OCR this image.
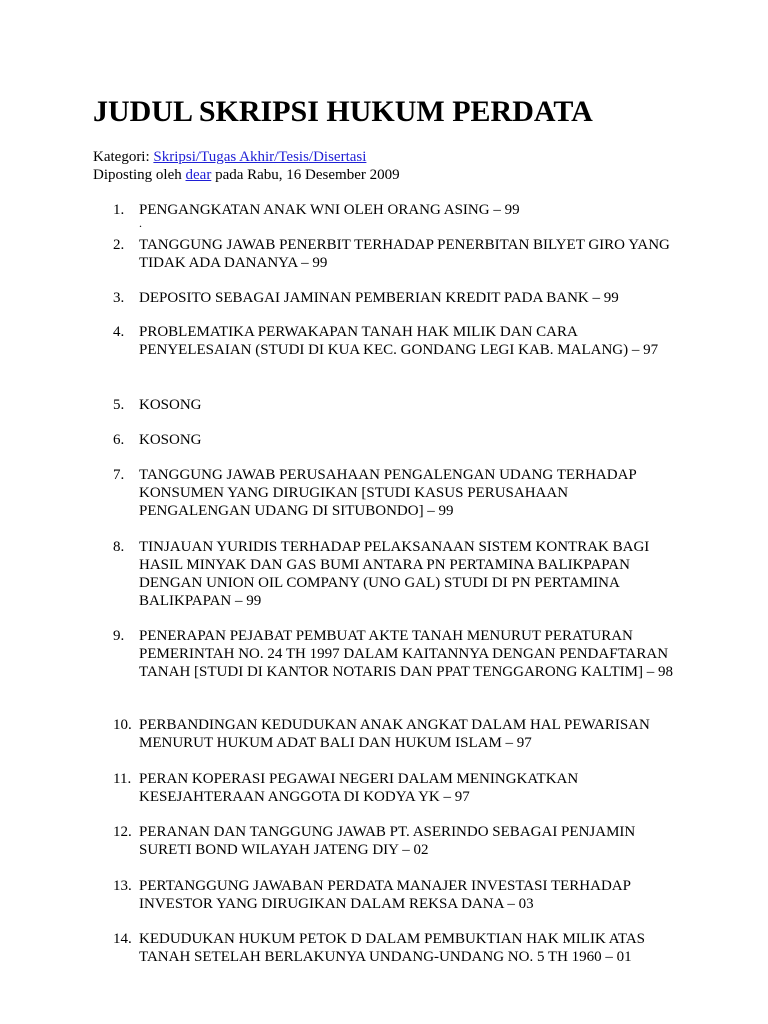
JUDUL SKRIPSI HUKUM PERDATA
Kategori: Skripsi/Tugas Akhir/Tesis/Disertasi
Diposting oleh dear pada Rabu, 16 Desember 2009
1. PENGANGKATAN ANAK WNI OLEH ORANG ASING – 99
.
2. TANGGUNG JAWAB PENERBIT TERHADAP PENERBITAN BILYET GIRO YANG TIDAK ADA DANANYA – 99
3. DEPOSITO SEBAGAI JAMINAN PEMBERIAN KREDIT PADA BANK – 99
4. PROBLEMATIKA PERWAKAPAN TANAH HAK MILIK DAN CARA PENYELESAIAN (STUDI DI KUA KEC. GONDANG LEGI KAB. MALANG) – 97
5. KOSONG
6. KOSONG
7. TANGGUNG JAWAB PERUSAHAAN PENGALENGAN UDANG TERHADAP KONSUMEN YANG DIRUGIKAN [STUDI KASUS PERUSAHAAN PENGALENGAN UDANG DI SITUBONDO] – 99
8. TINJAUAN YURIDIS TERHADAP PELAKSANAAN SISTEM KONTRAK BAGI HASIL MINYAK DAN GAS BUMI ANTARA PN PERTAMINA BALIKPAPAN DENGAN UNION OIL COMPANY (UNO GAL) STUDI DI PN PERTAMINA BALIKPAPAN – 99
9. PENERAPAN PEJABAT PEMBUAT AKTE TANAH MENURUT PERATURAN PEMERINTAH NO. 24 TH 1997 DALAM KAITANNYA DENGAN PENDAFTARAN TANAH [STUDI DI KANTOR NOTARIS DAN PPAT TENGGARONG KALTIM] – 98
10. PERBANDINGAN KEDUDUKAN ANAK ANGKAT DALAM HAL PEWARISAN MENURUT HUKUM ADAT BALI DAN HUKUM ISLAM – 97
11. PERAN KOPERASI PEGAWAI NEGERI DALAM MENINGKATKAN KESEJAHTERAAN ANGGOTA DI KODYA YK – 97
12. PERANAN DAN TANGGUNG JAWAB PT. ASERINDO SEBAGAI PENJAMIN SURETI BOND WILAYAH JATENG DIY – 02
13. PERTANGGUNG JAWABAN PERDATA MANAJER INVESTASI TERHADAP INVESTOR YANG DIRUGIKAN DALAM REKSA DANA – 03
14. KEDUDUKAN HUKUM PETOK D DALAM PEMBUKTIAN HAK MILIK ATAS TANAH SETELAH BERLAKUNYA UNDANG-UNDANG NO. 5 TH 1960 – 01
